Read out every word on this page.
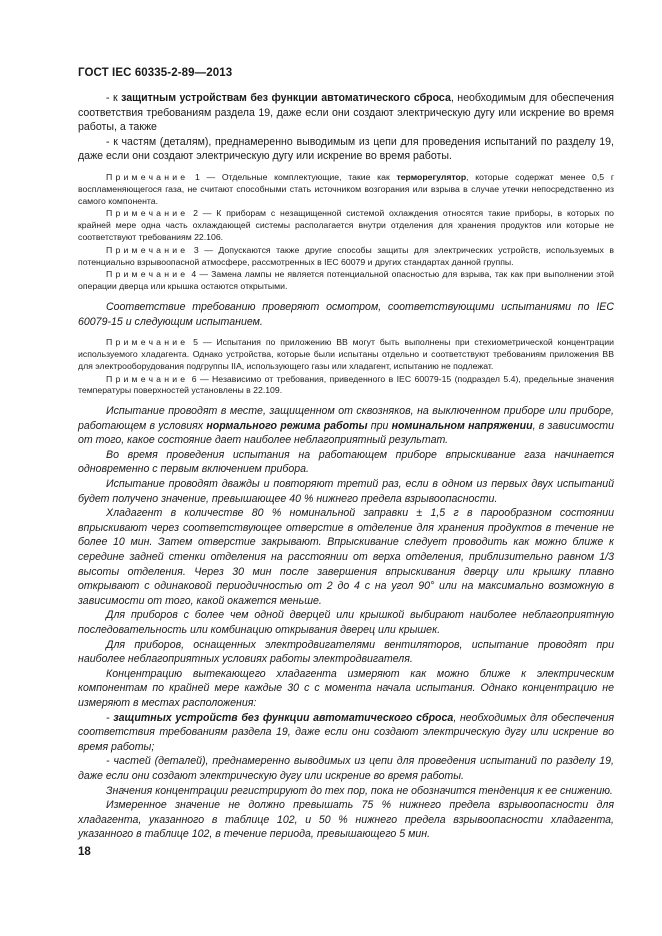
ГОСТ IEC 60335-2-89—2013

- к защитным устройствам без функции автоматического сброса, необходимым для обеспечения соответствия требованиям раздела 19, даже если они создают электрическую дугу или искрение во время работы, а также

- к частям (деталям), преднамеренно выводимым из цепи для проведения испытаний по разделу 19, даже если они создают электрическую дугу или искрение во время работы.

Примечание 1 — Отдельные комплектующие, такие как терморегулятор, которые содержат менее 0,5 г воспламеняющегося газа, не считают способными стать источником возгорания или взрыва в случае утечки непосредственно из самого компонента.

Примечание 2 — К приборам с незащищенной системой охлаждения относятся такие приборы, в которых по крайней мере одна часть охлаждающей системы располагается внутри отделения для хранения продуктов или которые не соответствуют требованиям 22.106.

Примечание 3 — Допускаются также другие способы защиты для электрических устройств, используемых в потенциально взрывоопасной атмосфере, рассмотренных в IEC 60079 и других стандартах данной группы.

Примечание 4 — Замена лампы не является потенциальной опасностью для взрыва, так как при выполнении этой операции дверца или крышка остаются открытыми.

Соответствие требованию проверяют осмотром, соответствующими испытаниями по IEC 60079-15 и следующим испытанием.

Примечание 5 — Испытания по приложению ВВ могут быть выполнены при стехиометрической концентрации используемого хладагента. Однако устройства, которые были испытаны отдельно и соответствуют требованиям приложения ВВ для электрооборудования подгруппы IIA, использующего газы или хладагент, испытанию не подлежат.

Примечание 6 — Независимо от требования, приведенного в IEC 60079-15 (подраздел 5.4), предельные значения температуры поверхностей установлены в 22.109.

Испытание проводят в месте, защищенном от сквозняков, на выключенном приборе или приборе, работающем в условиях нормального режима работы при номинальном напряжении, в зависимости от того, какое состояние дает наиболее неблагоприятный результат.

Во время проведения испытания на работающем приборе впрыскивание газа начинается одновременно с первым включением прибора.

Испытание проводят дважды и повторяют третий раз, если в одном из первых двух испытаний будет получено значение, превышающее 40 % нижнего предела взрывоопасности.

Хладагент в количестве 80 % номинальной заправки ± 1,5 г в парообразном состоянии впрыскивают через соответствующее отверстие в отделение для хранения продуктов в течение не более 10 мин. Затем отверстие закрывают. Впрыскивание следует проводить как можно ближе к середине задней стенки отделения на расстоянии от верха отделения, приблизительно равном 1/3 высоты отделения. Через 30 мин после завершения впрыскивания дверцу или крышку плавно открывают с одинаковой периодичностью от 2 до 4 с на угол 90° или на максимально возможную в зависимости от того, какой окажется меньше.

Для приборов с более чем одной дверцей или крышкой выбирают наиболее неблагоприятную последовательность или комбинацию открывания дверец или крышек.

Для приборов, оснащенных электродвигателями вентиляторов, испытание проводят при наиболее неблагоприятных условиях работы электродвигателя.

Концентрацию вытекающего хладагента измеряют как можно ближе к электрическим компонентам по крайней мере каждые 30 с с момента начала испытания. Однако концентрацию не измеряют в местах расположения:

- защитных устройств без функции автоматического сброса, необходимых для обеспечения соответствия требованиям раздела 19, даже если они создают электрическую дугу или искрение во время работы;

- частей (деталей), преднамеренно выводимых из цепи для проведения испытаний по разделу 19, даже если они создают электрическую дугу или искрение во время работы.

Значения концентрации регистрируют до тех пор, пока не обозначится тенденция к ее снижению.

Измеренное значение не должно превышать 75 % нижнего предела взрывоопасности для хладагента, указанного в таблице 102, и 50 % нижнего предела взрывоопасности хладагента, указанного в таблице 102, в течение периода, превышающего 5 мин.

18
